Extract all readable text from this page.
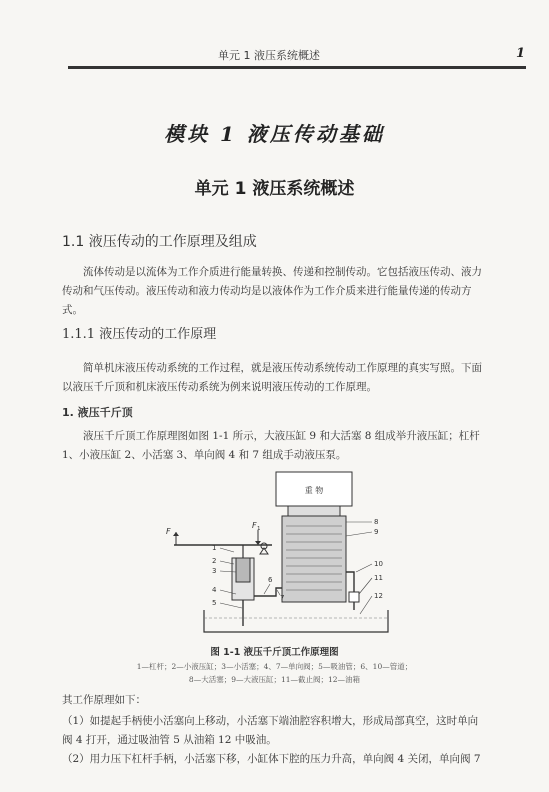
单元 1 液压系统概述	1
模块 1 液压传动基础
单元 1 液压系统概述
1.1 液压传动的工作原理及组成
流体传动是以流体为工作介质进行能量转换、传递和控制传动。它包括液压传动、液力传动和气压传动。液压传动和液力传动均是以液体作为工作介质来进行能量传递的传动方式。
1.1.1 液压传动的工作原理
简单机床液压传动系统的工作过程，就是液压传动系统传动工作原理的真实写照。下面以液压千斤顶和机床液压传动系统为例来说明液压传动的工作原理。
1. 液压千斤顶
液压千斤顶工作原理图如图 1-1 所示，大液压缸 9 和大活塞 8 组成举升液压缸；杠杆 1、小液压缸 2、小活塞 3、单向阀 4 和 7 组成手动液压泵。
重 物
F
F 1
1
2
3
4
5
6
7
8
9
10
11
12
图 1-1 液压千斤顶工作原理图
1—杠杆；2—小液压缸；3—小活塞；4、7—单向阀；5—吸油管；6、10—管道；
8—大活塞；9—大液压缸；11—截止阀；12—油箱
其工作原理如下：
（1）如提起手柄使小活塞向上移动，小活塞下端油腔容积增大，形成局部真空，这时单向阀 4 打开，通过吸油管 5 从油箱 12 中吸油。
（2）用力压下杠杆手柄，小活塞下移，小缸体下腔的压力升高，单向阀 4 关闭，单向阀 7
